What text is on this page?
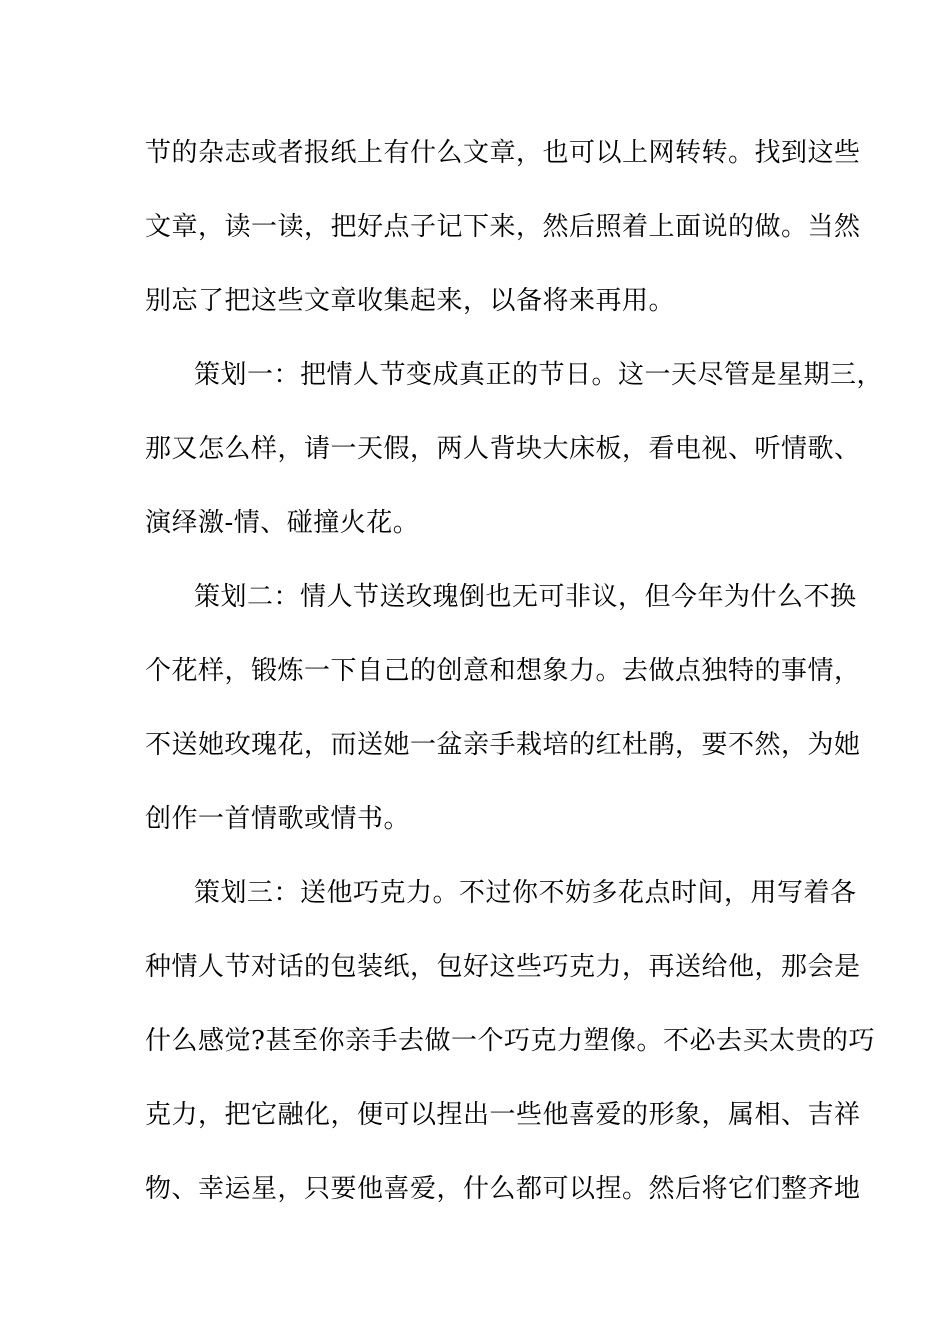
节的杂志或者报纸上有什么文章，也可以上网转转。找到这些
文章，读一读，把好点子记下来，然后照着上面说的做。当然
别忘了把这些文章收集起来，以备将来再用。
策划一：把情人节变成真正的节日。这一天尽管是星期三，
那又怎么样，请一天假，两人背块大床板，看电视、听情歌、
演绎激-情、碰撞火花。
策划二：情人节送玫瑰倒也无可非议，但今年为什么不换
个花样，锻炼一下自己的创意和想象力。去做点独特的事情，
不送她玫瑰花，而送她一盆亲手栽培的红杜鹃，要不然，为她
创作一首情歌或情书。
策划三：送他巧克力。不过你不妨多花点时间，用写着各
种情人节对话的包装纸，包好这些巧克力，再送给他，那会是
什么感觉?甚至你亲手去做一个巧克力塑像。不必去买太贵的巧
克力，把它融化，便可以捏出一些他喜爱的形象，属相、吉祥
物、幸运星，只要他喜爱，什么都可以捏。然后将它们整齐地
